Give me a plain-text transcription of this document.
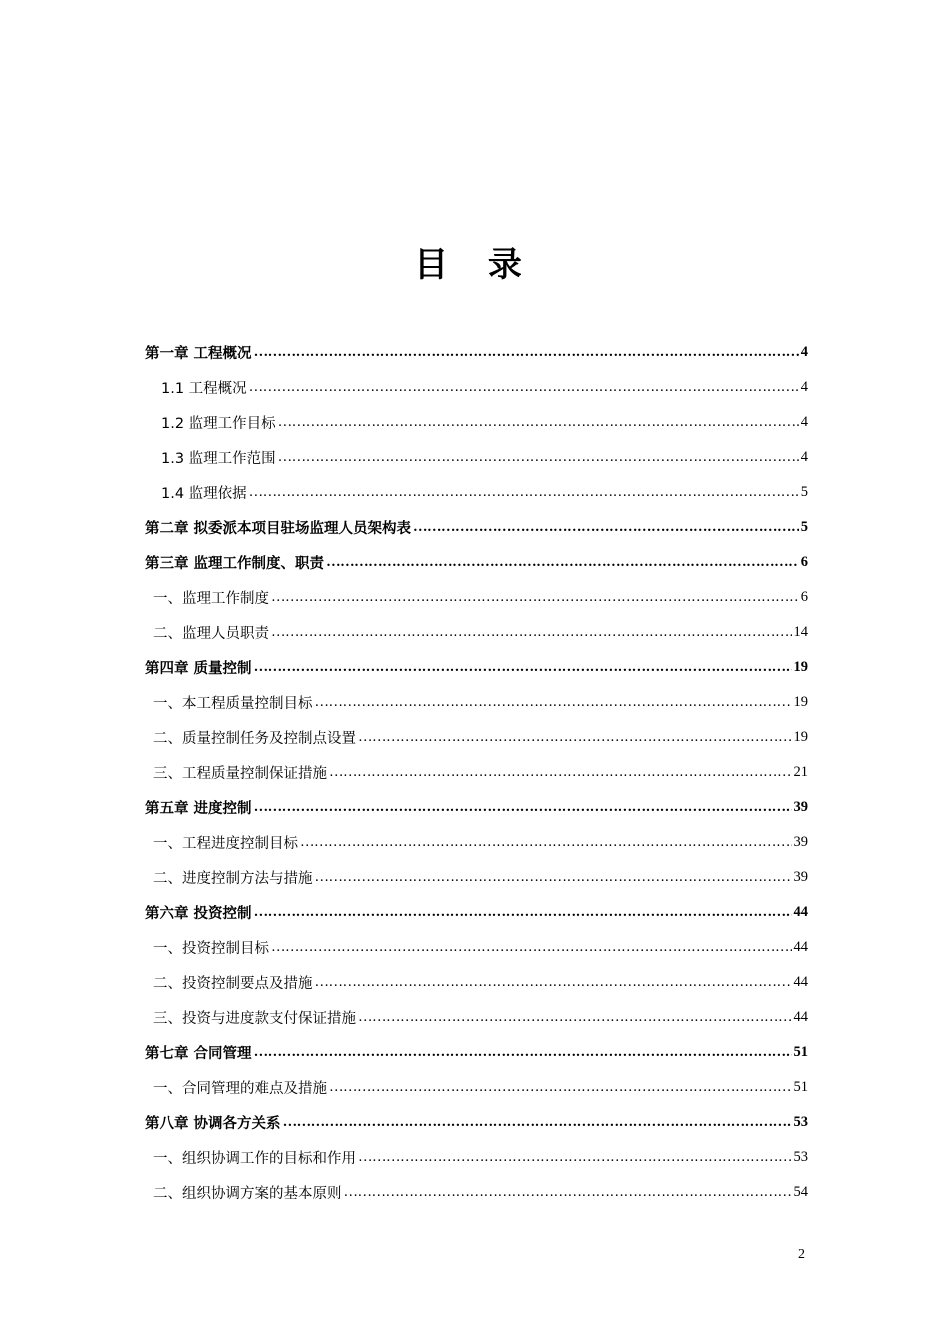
目 录
第一章 工程概况 ……………………………………………………………………………………………………………………………………………………………………………………………………	4
1.1 工程概况 ……………………………………………………………………………………………………………………………………………………………………………………………………	4
1.2 监理工作目标 ……………………………………………………………………………………………………………………………………………………………………………………………………	4
1.3 监理工作范围 ……………………………………………………………………………………………………………………………………………………………………………………………………	4
1.4 监理依据 ……………………………………………………………………………………………………………………………………………………………………………………………………	5
第二章 拟委派本项目驻场监理人员架构表 ……………………………………………………………………………………………………………………………………………………………………………………………………	5
第三章 监理工作制度、职责 ……………………………………………………………………………………………………………………………………………………………………………………………………	6
一、监理工作制度 ……………………………………………………………………………………………………………………………………………………………………………………………………	6
二、监理人员职责 ……………………………………………………………………………………………………………………………………………………………………………………………………	14
第四章 质量控制 ……………………………………………………………………………………………………………………………………………………………………………………………………	19
一、本工程质量控制目标 ……………………………………………………………………………………………………………………………………………………………………………………………………	19
二、质量控制任务及控制点设置 ……………………………………………………………………………………………………………………………………………………………………………………………………	19
三、工程质量控制保证措施 ……………………………………………………………………………………………………………………………………………………………………………………………………	21
第五章 进度控制 ……………………………………………………………………………………………………………………………………………………………………………………………………	39
一、工程进度控制目标 ……………………………………………………………………………………………………………………………………………………………………………………………………	39
二、进度控制方法与措施 ……………………………………………………………………………………………………………………………………………………………………………………………………	39
第六章 投资控制 ……………………………………………………………………………………………………………………………………………………………………………………………………	44
一、投资控制目标 ……………………………………………………………………………………………………………………………………………………………………………………………………	44
二、投资控制要点及措施 ……………………………………………………………………………………………………………………………………………………………………………………………………	44
三、投资与进度款支付保证措施 ……………………………………………………………………………………………………………………………………………………………………………………………………	44
第七章 合同管理 ……………………………………………………………………………………………………………………………………………………………………………………………………	51
一、合同管理的难点及措施 ……………………………………………………………………………………………………………………………………………………………………………………………………	51
第八章 协调各方关系 ……………………………………………………………………………………………………………………………………………………………………………………………………	53
一、组织协调工作的目标和作用 ……………………………………………………………………………………………………………………………………………………………………………………………………	53
二、组织协调方案的基本原则 ……………………………………………………………………………………………………………………………………………………………………………………………………	54
2
